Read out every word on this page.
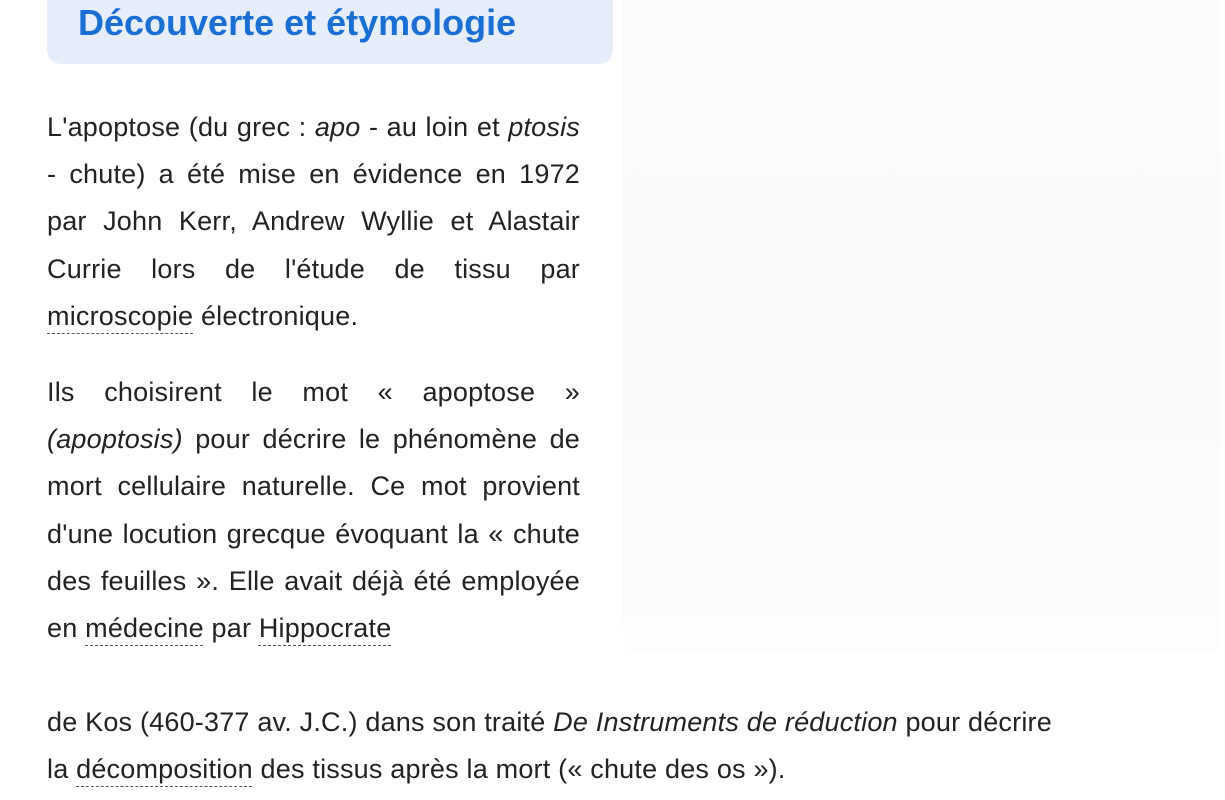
Découverte et étymologie

L'apoptose (du grec : apo - au loin et ptosis - chute) a été mise en évidence en 1972 par John Kerr, Andrew Wyllie et Alastair Currie lors de l'étude de tissu par microscopie électronique.

Ils choisirent le mot « apoptose » (apoptosis) pour décrire le phénomène de mort cellulaire naturelle. Ce mot provient d'une locution grecque évoquant la « chute des feuilles ». Elle avait déjà été employée en médecine par Hippocrate

de Kos (460-377 av. J.C.) dans son traité De Instruments de réduction pour décrire
la décomposition des tissus après la mort (« chute des os »).
